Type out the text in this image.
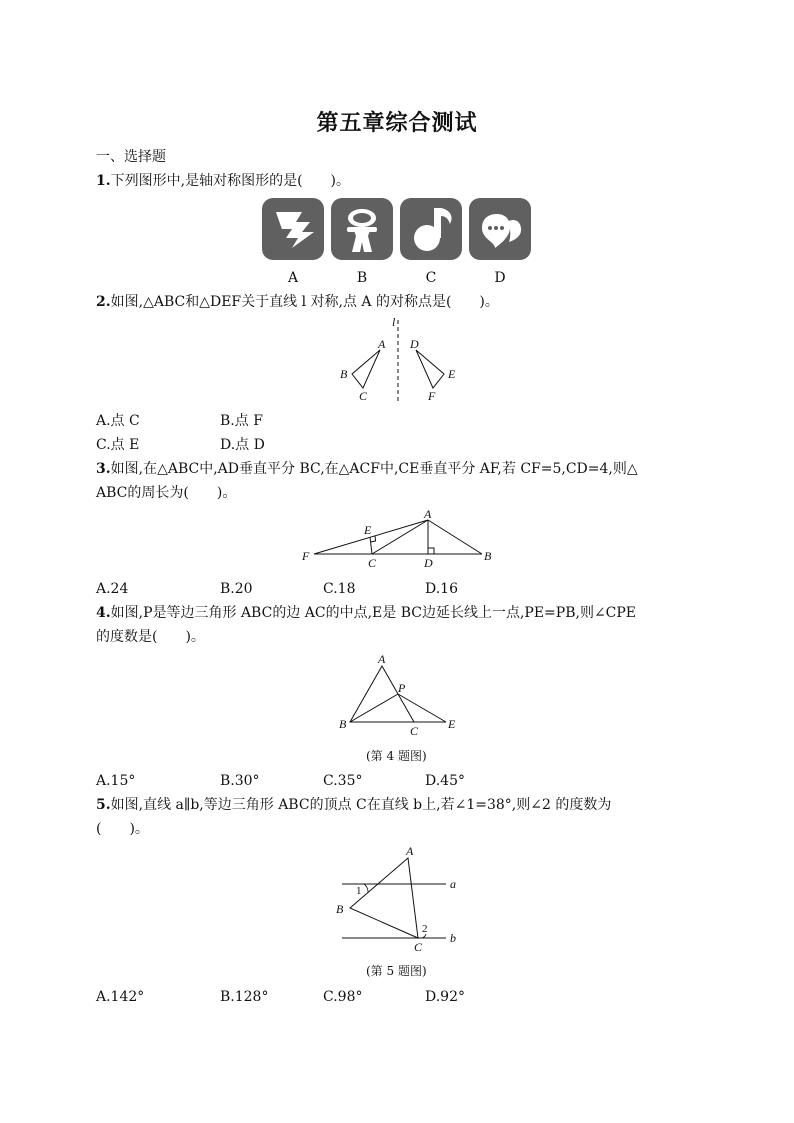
第五章综合测试
一、选择题
1.下列图形中,是轴对称图形的是(　　)。
A	B	C	D
2.如图,△ABC和△DEF关于直线 l 对称,点 A 的对称点是(　　)。
l
A
B
C
D
E
F
A.点 C	B.点 F
C.点 E	D.点 D
3.如图,在△ABC中,AD垂直平分 BC,在△ACF中,CE垂直平分 AF,若 CF=5,CD=4,则△
ABC的周长为(　　)。
A
B
C	D
E
F
A.24	B.20	C.18	D.16
4.如图,P是等边三角形 ABC的边 AC的中点,E是 BC边延长线上一点,PE=PB,则∠CPE
的度数是(　　)。
A
B	C E
P
(第 4 题图)
A.15°	B.30°	C.35°	D.45°
5.如图,直线 a∥b,等边三角形 ABC的顶点 C在直线 b上,若∠1=38°,则∠2 的度数为
(　　)。
A
B
C
a
b
1
2
(第 5 题图)
A.142°	B.128°	C.98°	D.92°
